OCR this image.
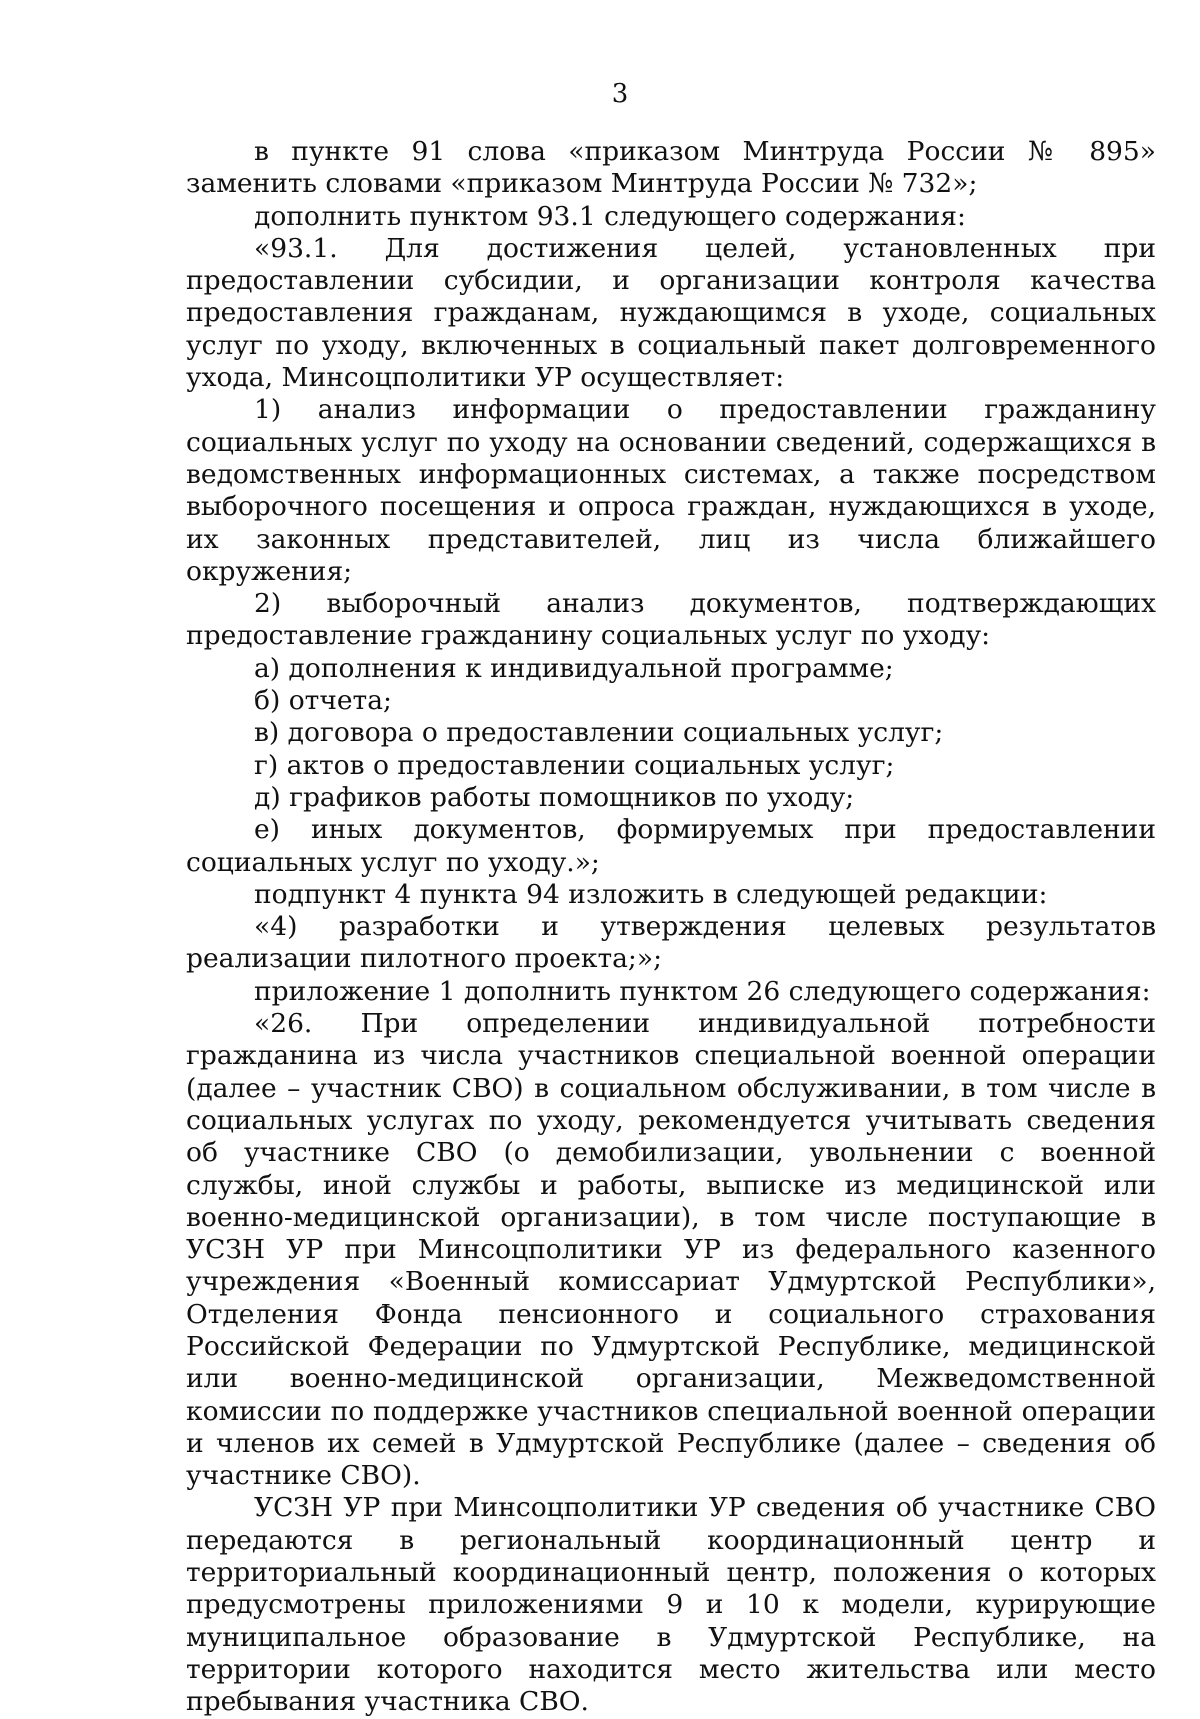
3

в пункте 91 слова «приказом Минтруда России № 895» заменить словами «приказом Минтруда России № 732»;

дополнить пунктом 93.1 следующего содержания:

«93.1. Для достижения целей, установленных при предоставлении субсидии, и организации контроля качества предоставления гражданам, нуждающимся в уходе, социальных услуг по уходу, включенных в социальный пакет долговременного ухода, Минсоцполитики УР осуществляет:

1) анализ информации о предоставлении гражданину социальных услуг по уходу на основании сведений, содержащихся в ведомственных информационных системах, а также посредством выборочного посещения и опроса граждан, нуждающихся в уходе, их законных представителей, лиц из числа ближайшего окружения;

2) выборочный анализ документов, подтверждающих предоставление гражданину социальных услуг по уходу:

а) дополнения к индивидуальной программе;

б) отчета;

в) договора о предоставлении социальных услуг;

г) актов о предоставлении социальных услуг;

д) графиков работы помощников по уходу;

е) иных документов, формируемых при предоставлении социальных услуг по уходу.»;

подпункт 4 пункта 94 изложить в следующей редакции:

«4) разработки и утверждения целевых результатов реализации пилотного проекта;»;

приложение 1 дополнить пунктом 26 следующего содержания:

«26. При определении индивидуальной потребности гражданина из числа участников специальной военной операции (далее – участник СВО) в социальном обслуживании, в том числе в социальных услугах по уходу, рекомендуется учитывать сведения об участнике СВО (о демобилизации, увольнении с военной службы, иной службы и работы, выписке из медицинской или военно-медицинской организации), в том числе поступающие в УСЗН УР при Минсоцполитики УР из федерального казенного учреждения «Военный комиссариат Удмуртской Республики», Отделения Фонда пенсионного и социального страхования Российской Федерации по Удмуртской Республике, медицинской или военно-медицинской организации, Межведомственной комиссии по поддержке участников специальной военной операции и членов их семей в Удмуртской Республике (далее – сведения об участнике СВО).

УСЗН УР при Минсоцполитики УР сведения об участнике СВО передаются в региональный координационный центр и территориальный координационный центр, положения о которых предусмотрены приложениями 9 и 10 к модели, курирующие муниципальное образование в Удмуртской Республике, на территории которого находится место жительства или место пребывания участника СВО.
